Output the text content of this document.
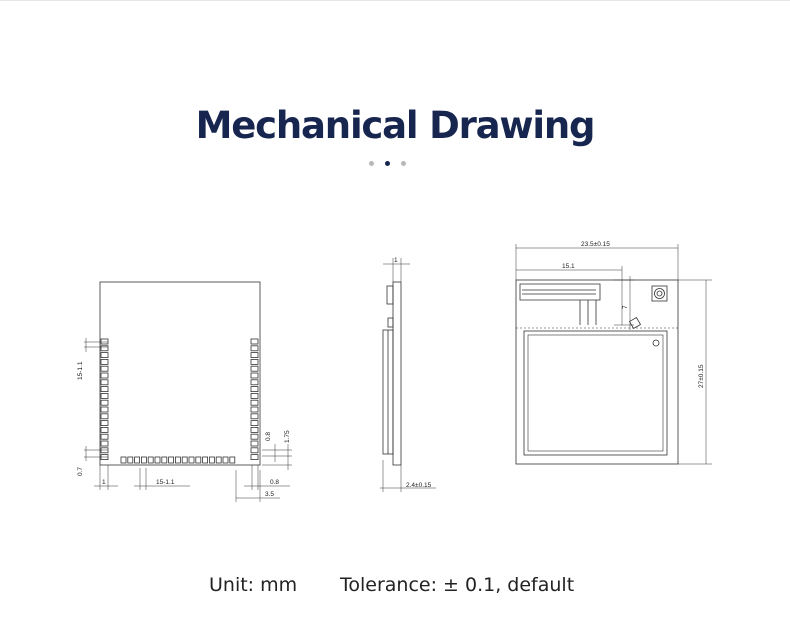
Mechanical Drawing
15-1.1
0.7
0.8 1.75
1	15-1.1	0.8
3.5
1
2.4±0.15
23.5±0.15
15.1
7
27±0.15
Unit: mm Tolerance: ± 0.1, default
